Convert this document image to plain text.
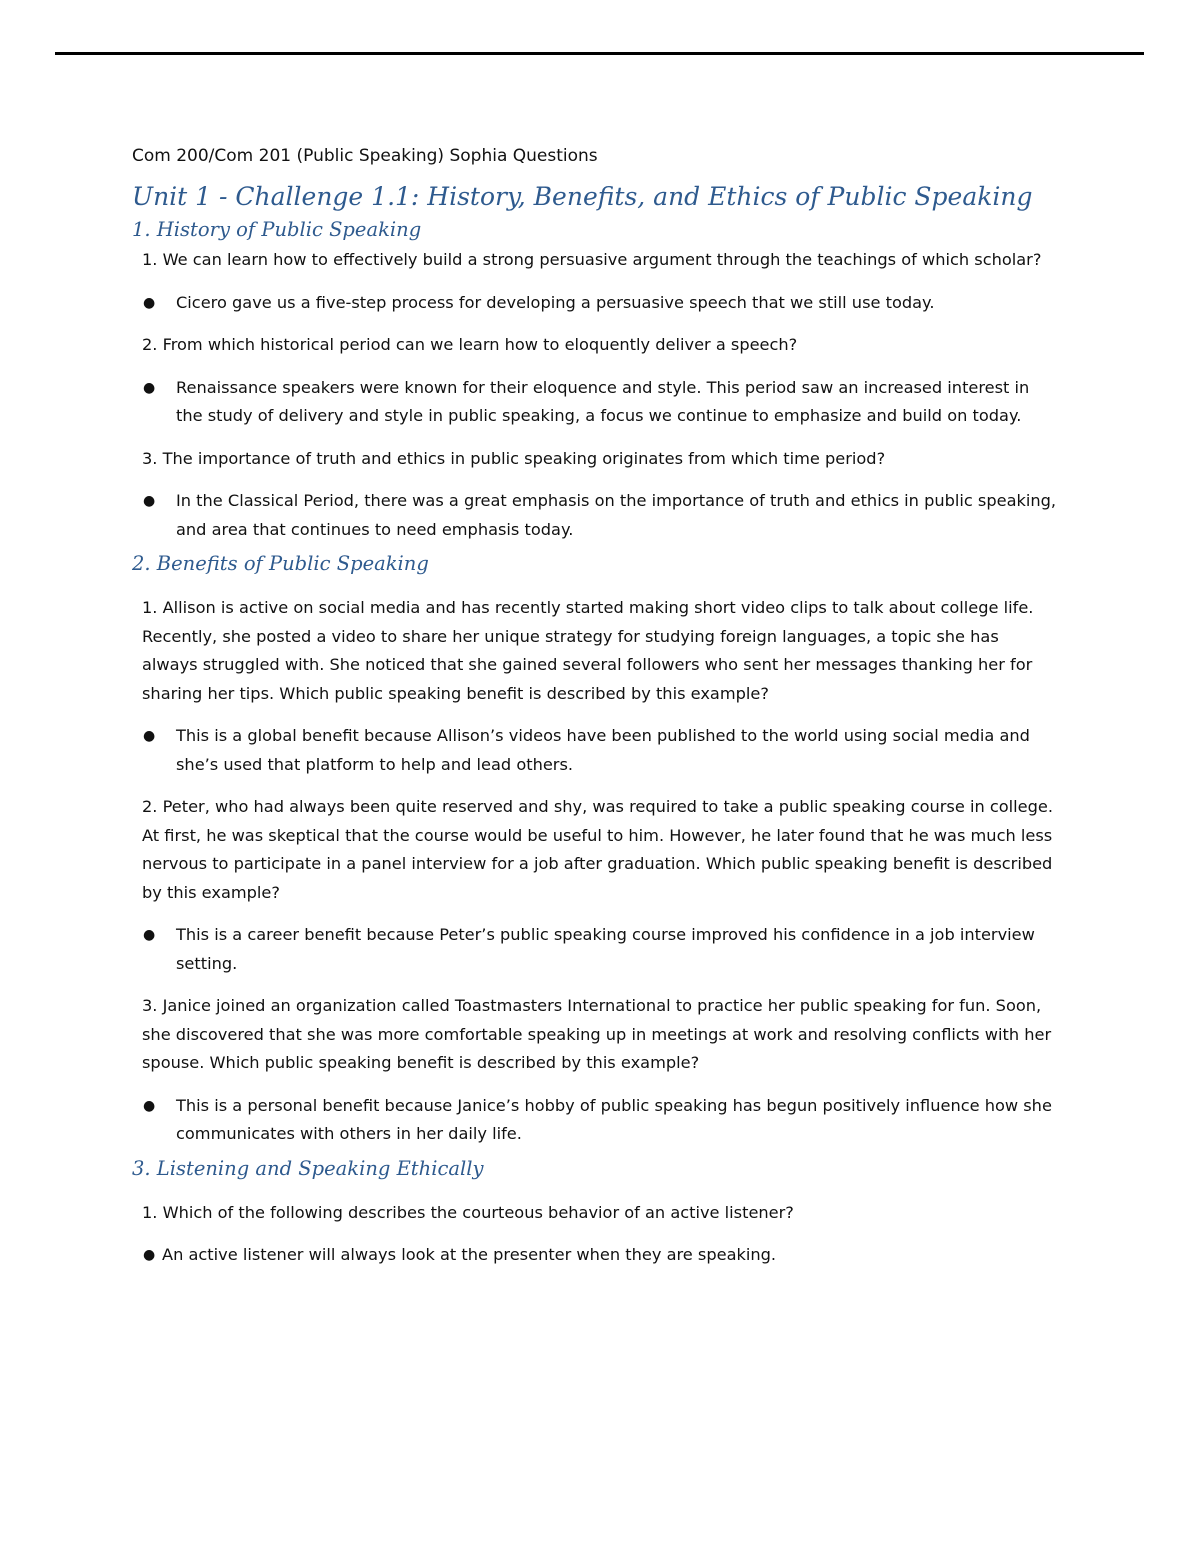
Com 200/Com 201 (Public Speaking) Sophia Questions

Unit 1 - Challenge 1.1: History, Benefits, and Ethics of Public Speaking
1. History of Public Speaking

1. We can learn how to effectively build a strong persuasive argument through the teachings of which scholar?

● Cicero gave us a five-step process for developing a persuasive speech that we still use today.

2. From which historical period can we learn how to eloquently deliver a speech?

● Renaissance speakers were known for their eloquence and style. This period saw an increased interest in the study of delivery and style in public speaking, a focus we continue to emphasize and build on today.

3. The importance of truth and ethics in public speaking originates from which time period?

● In the Classical Period, there was a great emphasis on the importance of truth and ethics in public speaking, and area that continues to need emphasis today.
2. Benefits of Public Speaking

1. Allison is active on social media and has recently started making short video clips to talk about college life. Recently, she posted a video to share her unique strategy for studying foreign languages, a topic she has always struggled with. She noticed that she gained several followers who sent her messages thanking her for sharing her tips. Which public speaking benefit is described by this example?

● This is a global benefit because Allison’s videos have been published to the world using social media and she’s used that platform to help and lead others.

2. Peter, who had always been quite reserved and shy, was required to take a public speaking course in college. At first, he was skeptical that the course would be useful to him. However, he later found that he was much less nervous to participate in a panel interview for a job after graduation. Which public speaking benefit is described by this example?

● This is a career benefit because Peter’s public speaking course improved his confidence in a job interview setting.

3. Janice joined an organization called Toastmasters International to practice her public speaking for fun. Soon, she discovered that she was more comfortable speaking up in meetings at work and resolving conflicts with her spouse. Which public speaking benefit is described by this example?

● This is a personal benefit because Janice’s hobby of public speaking has begun positively influence how she communicates with others in her daily life.
3. Listening and Speaking Ethically

1. Which of the following describes the courteous behavior of an active listener?

● An active listener will always look at the presenter when they are speaking.
